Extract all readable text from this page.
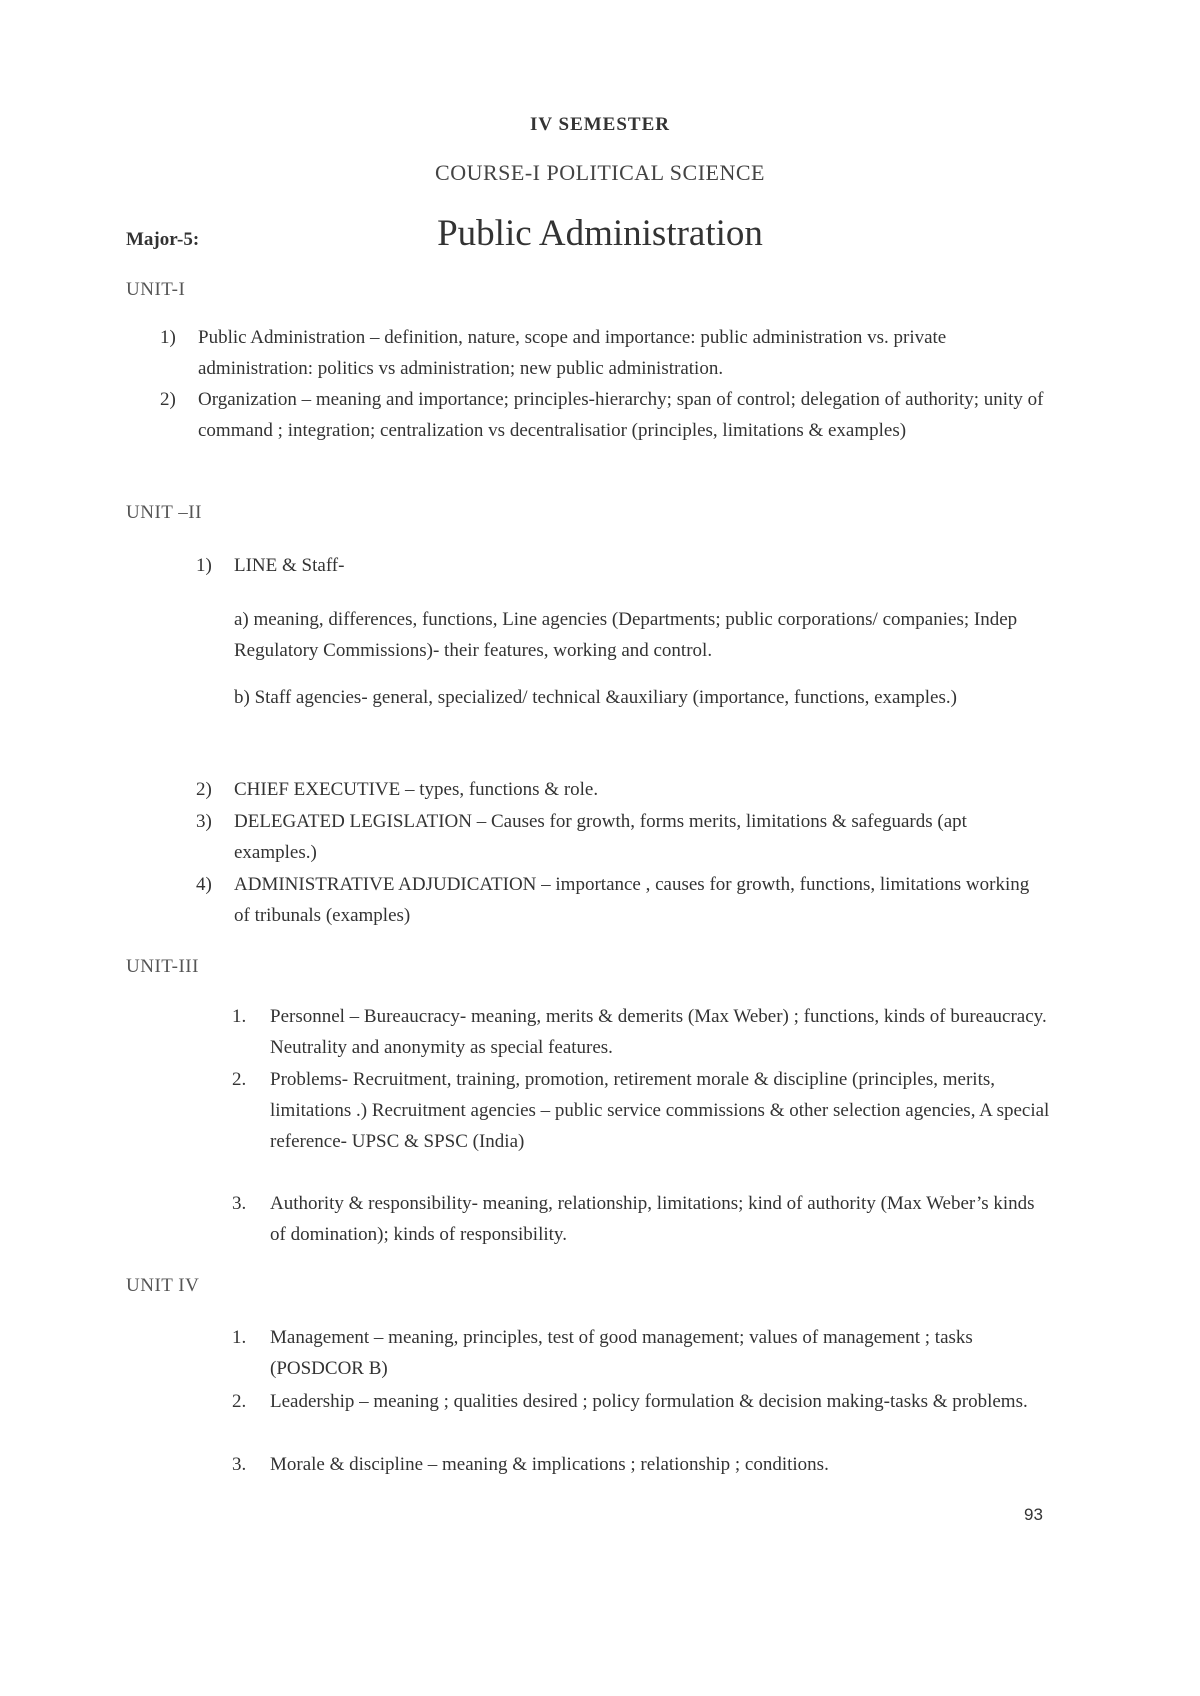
IV SEMESTER
COURSE-I POLITICAL SCIENCE
Major-5:	Public Administration
UNIT-I
1)	Public Administration – definition, nature, scope and importance: public administration vs. private administration: politics vs administration; new public administration.
2)	Organization – meaning and importance; principles-hierarchy; span of control; delegation of authority; unity of command ; integration; centralization vs decentralisatior (principles, limitations & examples)
UNIT –II
1)	LINE & Staff-
a) meaning, differences, functions, Line agencies (Departments; public corporations/ companies; Indep Regulatory Commissions)- their features, working and control.
b) Staff agencies- general, specialized/ technical &auxiliary (importance, functions, examples.)
2)	CHIEF EXECUTIVE – types, functions & role.
3)	DELEGATED LEGISLATION – Causes for growth, forms merits, limitations & safeguards (apt examples.)
4)	ADMINISTRATIVE ADJUDICATION – importance , causes for growth, functions, limitations working of tribunals (examples)
UNIT-III
1.	Personnel – Bureaucracy- meaning, merits & demerits (Max Weber) ; functions, kinds of bureaucracy. Neutrality and anonymity as special features.
2.	Problems- Recruitment, training, promotion, retirement morale & discipline (principles, merits, limitations .) Recruitment agencies – public service commissions & other selection agencies, A special reference- UPSC & SPSC (India)
3.	Authority & responsibility- meaning, relationship, limitations; kind of authority (Max Weber’s kinds of domination); kinds of responsibility.
UNIT IV
1.	Management – meaning, principles, test of good management; values of management ; tasks (POSDCOR B)
2.	Leadership – meaning ; qualities desired ; policy formulation & decision making-tasks & problems.
3.	Morale & discipline – meaning & implications ; relationship ; conditions.
93
